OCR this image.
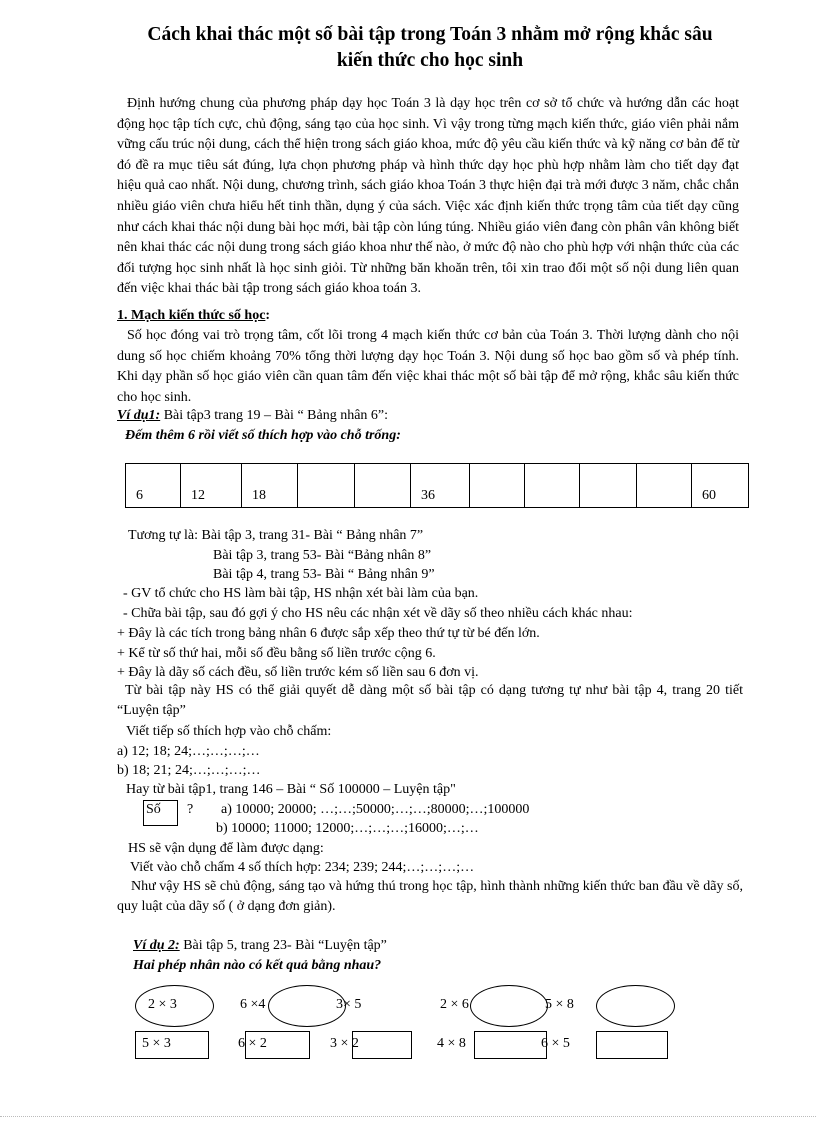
Cách khai thác một số bài tập trong Toán 3 nhằm mở rộng khắc sâu
kiến thức cho học sinh

Định hướng chung của phương pháp dạy học Toán 3 là dạy học trên cơ sở tổ chức và hướng dẫn các hoạt động học tập tích cực, chủ động, sáng tạo của học sinh. Vì vậy trong từng mạch kiến thức, giáo viên phải nắm vững cấu trúc nội dung, cách thể hiện trong sách giáo khoa, mức độ yêu cầu kiến thức và kỹ năng cơ bản để từ đó đề ra mục tiêu sát đúng, lựa chọn phương pháp và hình thức dạy học phù hợp nhằm làm cho tiết dạy đạt hiệu quả cao nhất. Nội dung, chương trình, sách giáo khoa Toán 3 thực hiện đại trà mới được 3 năm, chắc chắn nhiều giáo viên chưa hiểu hết tinh thần, dụng ý của sách. Việc xác định kiến thức trọng tâm của tiết dạy cũng như cách khai thác nội dung bài học mới, bài tập còn lúng túng. Nhiều giáo viên đang còn phân vân không biết nên khai thác các nội dung trong sách giáo khoa như thế nào, ở mức độ nào cho phù hợp với nhận thức của các đối tượng học sinh nhất là học sinh giỏi. Từ những băn khoăn trên, tôi xin trao đổi một số nội dung liên quan đến việc khai thác bài tập trong sách giáo khoa toán 3.

1. Mạch kiến thức số học:

Số học đóng vai trò trọng tâm, cốt lõi trong 4 mạch kiến thức cơ bản của Toán 3. Thời lượng dành cho nội dung số học chiếm khoảng 70% tổng thời lượng dạy học Toán 3. Nội dung số học bao gồm số và phép tính. Khi dạy phần số học giáo viên cần quan tâm đến việc khai thác một số bài tập để mở rộng, khắc sâu kiến thức cho học sinh.

Ví dụ1: Bài tập3 trang 19 – Bài “ Bảng nhân 6”:
Đếm thêm 6 rồi viết số thích hợp vào chỗ trống:
6	12	18			36					60
Tương tự là: Bài tập 3, trang 31- Bài “ Bảng nhân 7”
Bài tập 3, trang 53- Bài “Bảng nhân 8”
Bài tập 4, trang 53- Bài “ Bảng nhân 9”
- GV tổ chức cho HS làm bài tập, HS nhận xét bài làm của bạn.
- Chữa bài tập, sau đó gợi ý cho HS nêu các nhận xét về dãy số theo nhiều cách khác nhau:
+ Đây là các tích trong bảng nhân 6 được sắp xếp theo thứ tự từ bé đến lớn.
+ Kể từ số thứ hai, mỗi số đều bằng số liền trước cộng 6.
+ Đây là dãy số cách đều, số liền trước kém số liền sau 6 đơn vị.

Từ bài tập này HS có thể giải quyết dễ dàng một số bài tập có dạng tương tự như bài tập 4, trang 20 tiết “Luyện tập”

Viết tiếp số thích hợp vào chỗ chấm:
a) 12; 18; 24;…;…;…;…
b) 18; 21; 24;…;…;…;…
Hay từ bài tập1, trang 146 – Bài “ Số 100000 – Luyện tập"
Số ? a) 10000; 20000; …;…;50000;…;…;80000;…;100000
b) 10000; 11000; 12000;…;…;…;16000;…;…
HS sẽ vận dụng để làm được dạng:
Viết vào chỗ chấm 4 số thích hợp: 234; 239; 244;…;…;…;…

Như vậy HS sẽ chủ động, sáng tạo và hứng thú trong học tập, hình thành những kiến thức ban đầu về dãy số, quy luật của dãy số ( ở dạng đơn giản).

Ví dụ 2: Bài tập 5, trang 23- Bài “Luyện tập”
Hai phép nhân nào có kết quả bằng nhau?
2 × 3	6 ×4	3× 5	2 × 6	5 × 8
5 × 3	6 × 2	3 × 2	4 × 8	6 × 5
